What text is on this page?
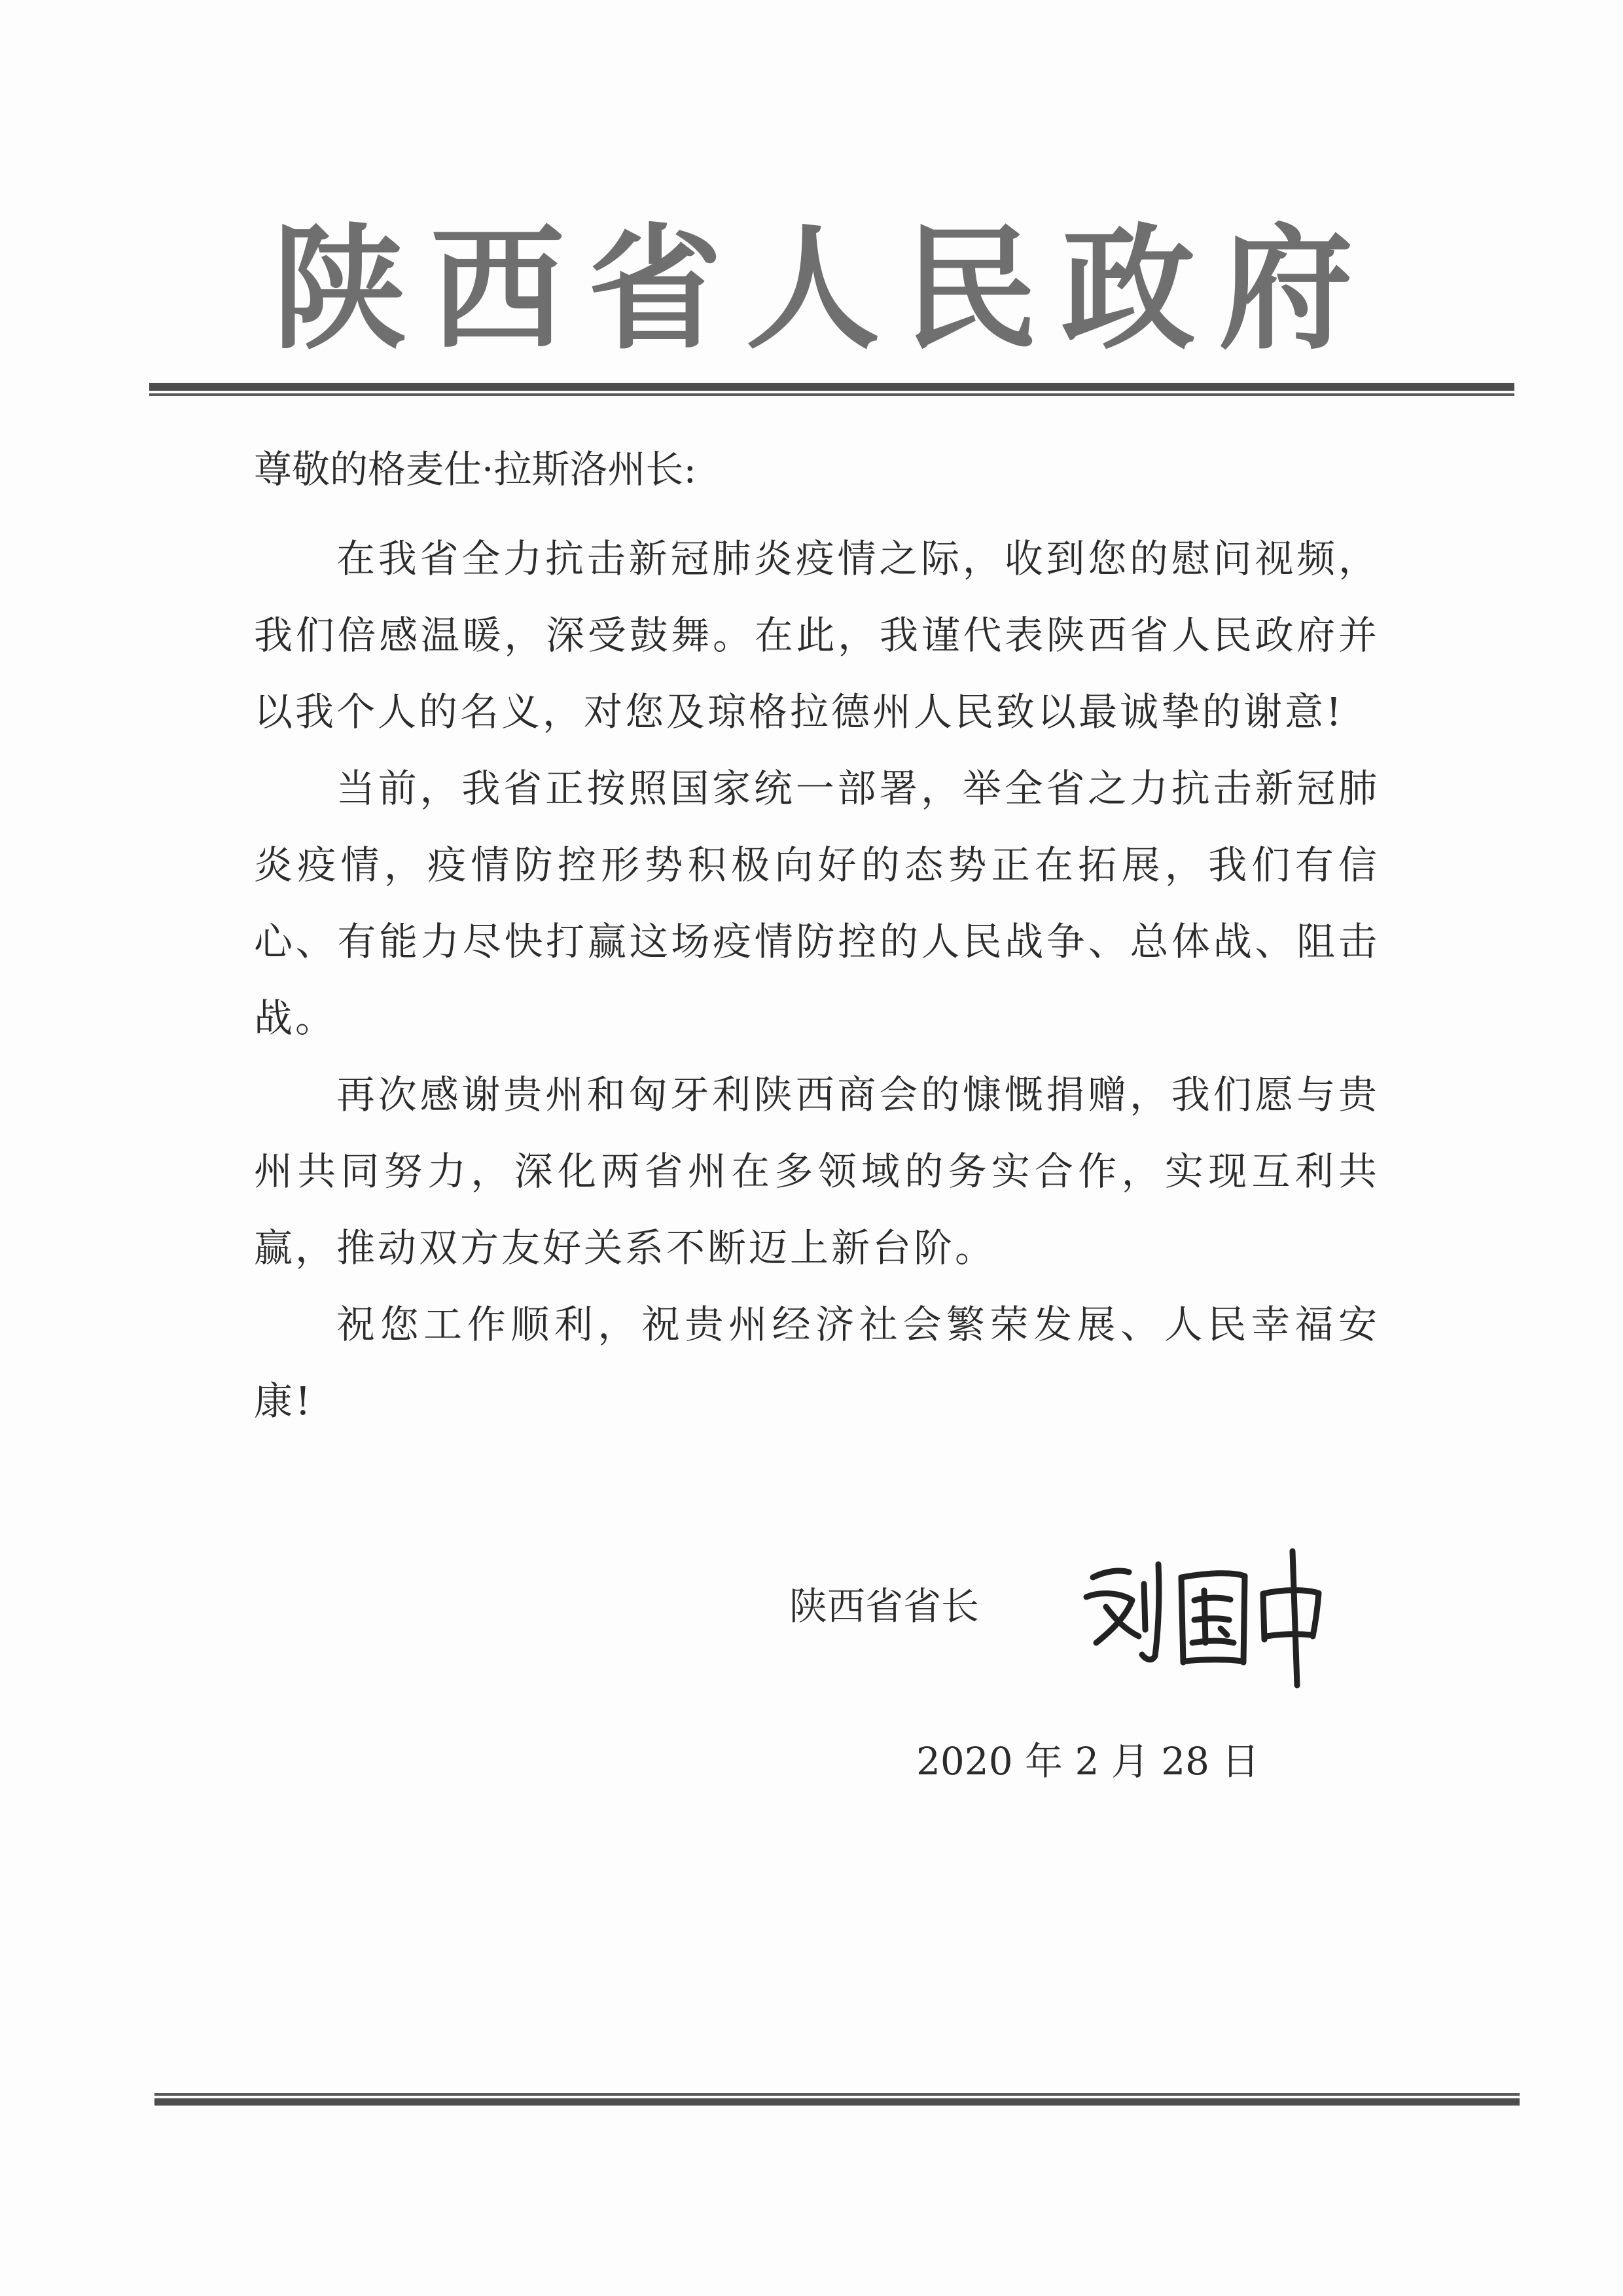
陕西省人民政府
尊敬的格麦仕·拉斯洛州长:

在我省全力抗击新冠肺炎疫情之际，收到您的慰问视频，我们倍感温暖，深受鼓舞。在此，我谨代表陕西省人民政府并以我个人的名义，对您及琼格拉德州人民致以最诚挚的谢意!

当前，我省正按照国家统一部署，举全省之力抗击新冠肺炎疫情，疫情防控形势积极向好的态势正在拓展，我们有信心、有能力尽快打赢这场疫情防控的人民战争、总体战、阻击战。

再次感谢贵州和匈牙利陕西商会的慷慨捐赠，我们愿与贵州共同努力，深化两省州在多领域的务实合作，实现互利共赢，推动双方友好关系不断迈上新台阶。

祝您工作顺利，祝贵州经济社会繁荣发展、人民幸福安康!

陕西省省长
2020 年 2 月 28 日
